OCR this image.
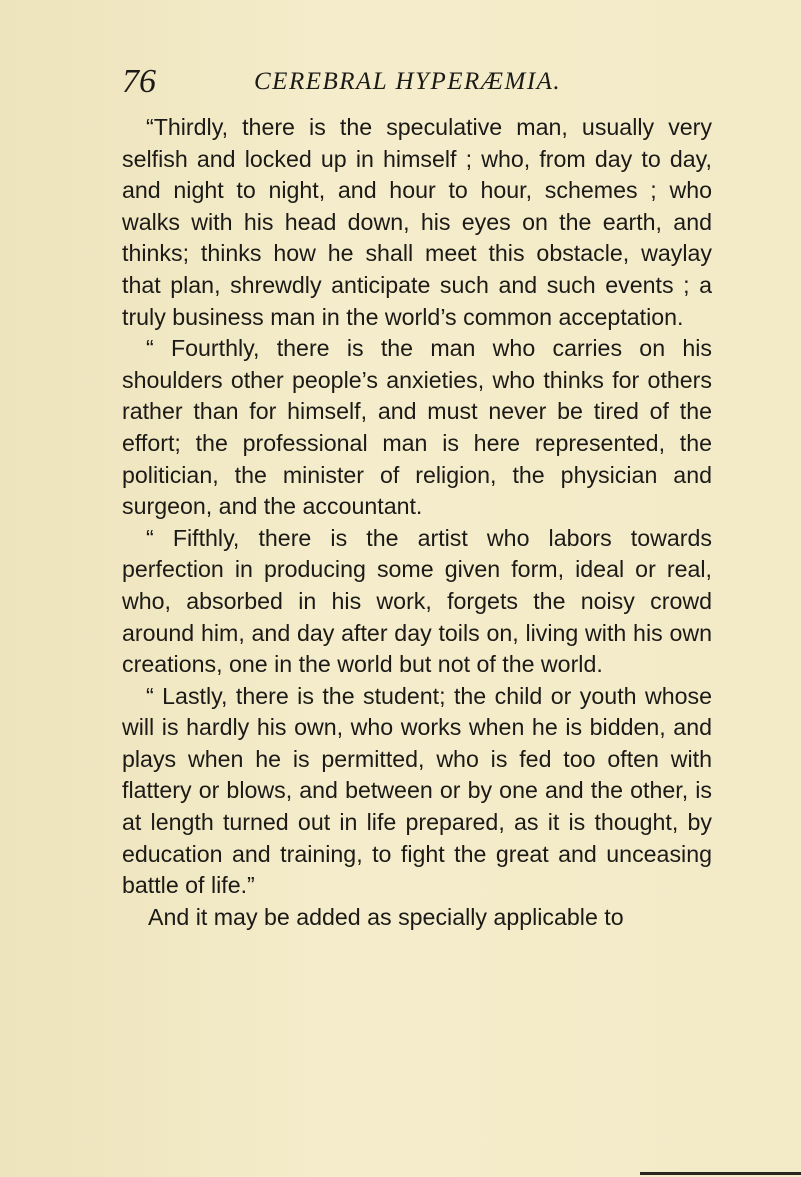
76	CEREBRAL HYPERÆMIA.

“Thirdly, there is the speculative man, usually very selfish and locked up in himself ; who, from day to day, and night to night, and hour to hour, schemes ; who walks with his head down, his eyes on the earth, and thinks; thinks how he shall meet this obstacle, waylay that plan, shrewdly anticipate such and such events ; a truly business man in the world’s common acceptation.

“ Fourthly, there is the man who carries on his shoulders other people’s anxieties, who thinks for others rather than for himself, and must never be tired of the effort; the professional man is here represented, the politician, the minister of religion, the physician and surgeon, and the accountant.

“ Fifthly, there is the artist who labors towards perfection in producing some given form, ideal or real, who, absorbed in his work, forgets the noisy crowd around him, and day after day toils on, living with his own creations, one in the world but not of the world.

“ Lastly, there is the student; the child or youth whose will is hardly his own, who works when he is bidden, and plays when he is permitted, who is fed too often with flattery or blows, and between or by one and the other, is at length turned out in life prepared, as it is thought, by education and training, to fight the great and unceasing battle of life.”

And it may be added as specially applicable to
